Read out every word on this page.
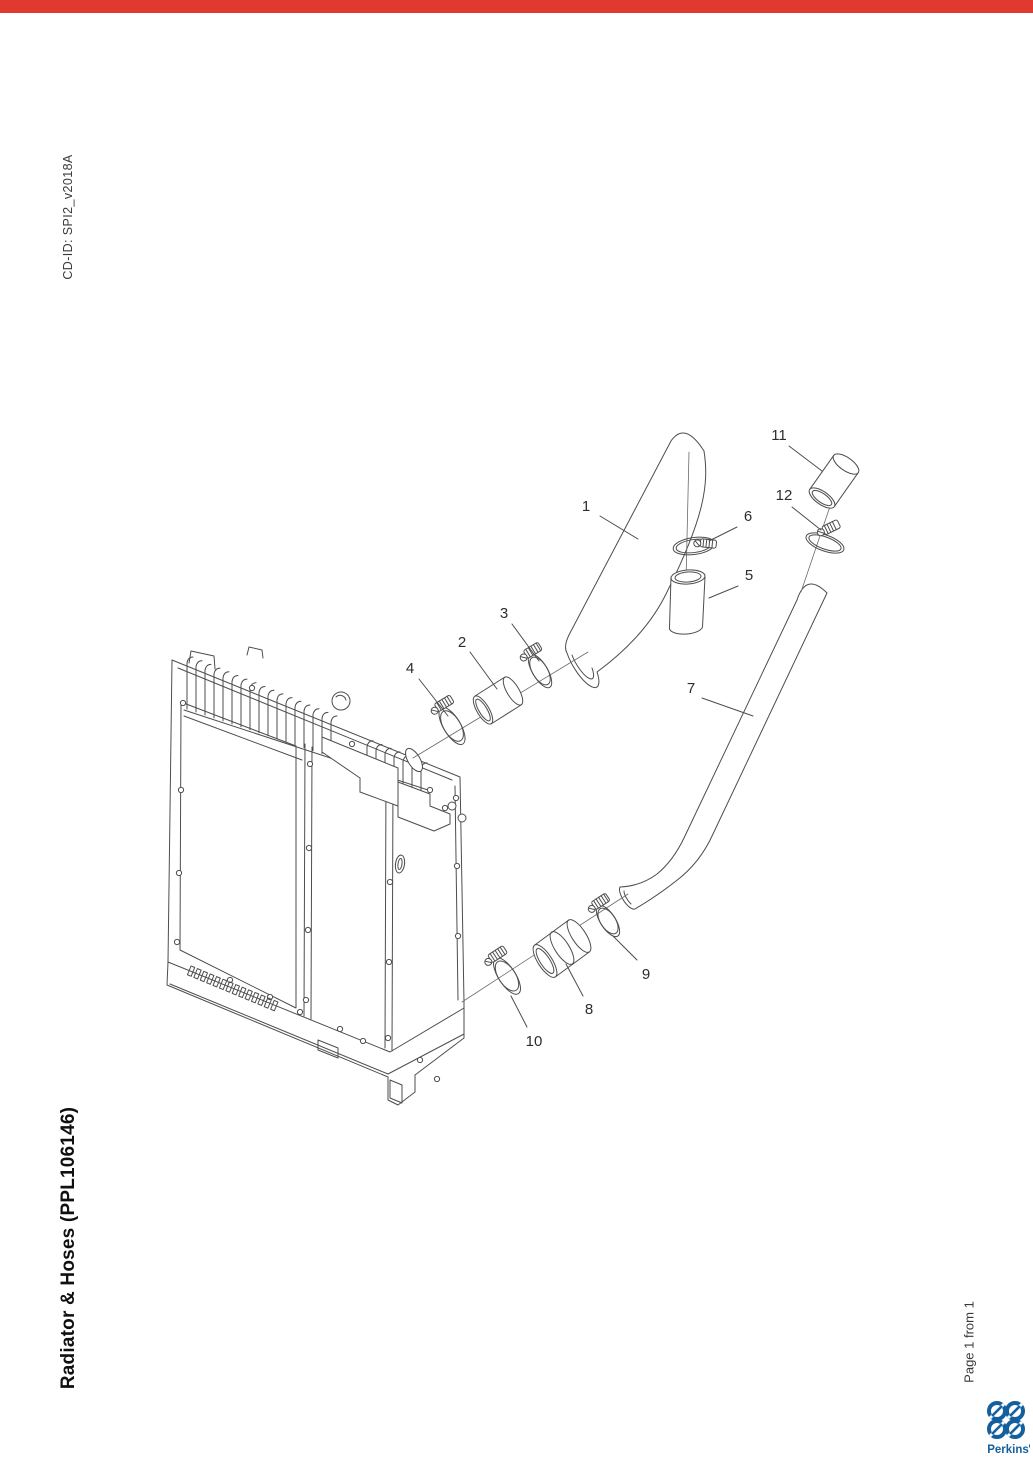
CD-ID: SPI2_v2018A
Radiator & Hoses (PPL106146)	Page 1 from 1
1
2
3
4
5
6
7
8
9
10
11
12
Perkins
